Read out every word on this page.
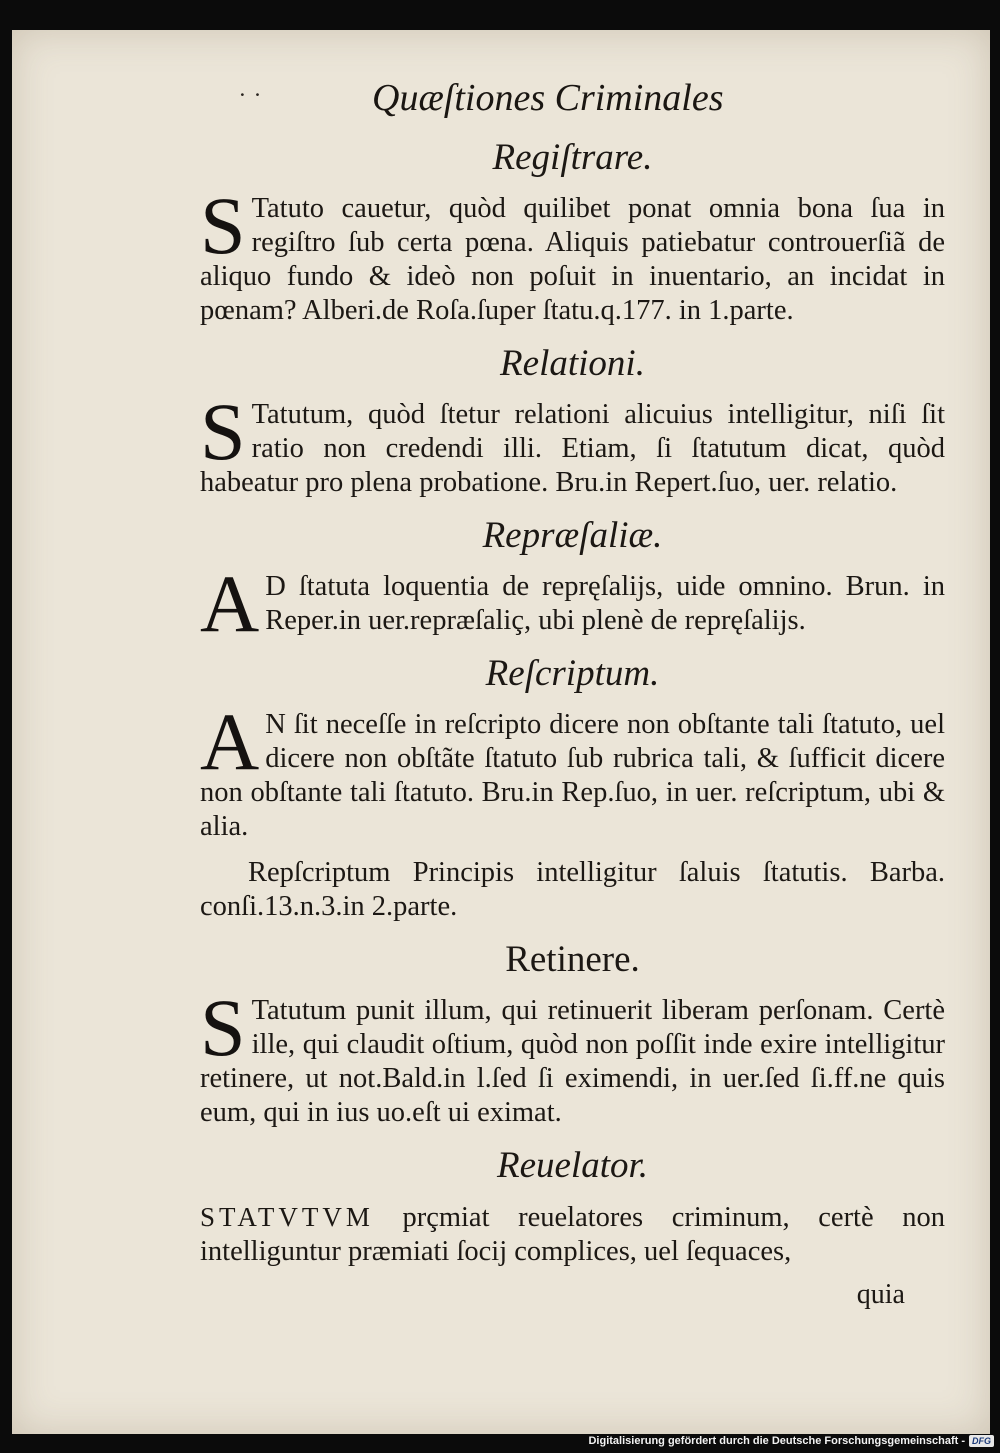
˙ ˙	Quæſtiones Criminales
Regiſtrare.
S Tatuto cauetur, quòd quilibet ponat omnia bona ſua in regiſtro ſub certa pœna. Aliquis patiebatur controuerſiã de aliquo fundo & ideò non poſuit in inuentario, an incidat in pœnam? Alberi.de Roſa.ſuper ſtatu.q.177. in 1.parte.
Relationi.
S Tatutum, quòd ſtetur relationi alicuius intelligitur, niſi ſit ratio non credendi illi. Etiam, ſi ſtatutum dicat, quòd habeatur pro plena probatione. Bru.in Repert.ſuo, uer. relatio.
Repræſaliæ.
A D ſtatuta loquentia de repręſalijs, uide omnino. Brun. in Reper.in uer.repræſaliç, ubi plenè de repręſalijs.
Reſcriptum.
A N ſit neceſſe in reſcripto dicere non obſtante tali ſtatuto, uel dicere non obſtãte ſtatuto ſub rubrica tali, & ſufficit dicere non obſtante tali ſtatuto. Bru.in Rep.ſuo, in uer. reſcriptum, ubi & alia.
Repſcriptum Principis intelligitur ſaluis ſtatutis. Barba. conſi.13.n.3.in 2.parte.
Retinere.
S Tatutum punit illum, qui retinuerit liberam perſonam. Certè ille, qui claudit oſtium, quòd non poſſit inde exire intelligitur retinere, ut not.Bald.in l.ſed ſi eximendi, in uer.ſed ſi.ff.ne quis eum, qui in ius uo.eſt ui eximat.
Reuelator.
STATVTVM prçmiat reuelatores criminum, certè non intelliguntur præmiati ſocij complices, uel ſequaces,
quia
Digitalisierung gefördert durch die Deutsche Forschungsgemeinschaft - DFG
